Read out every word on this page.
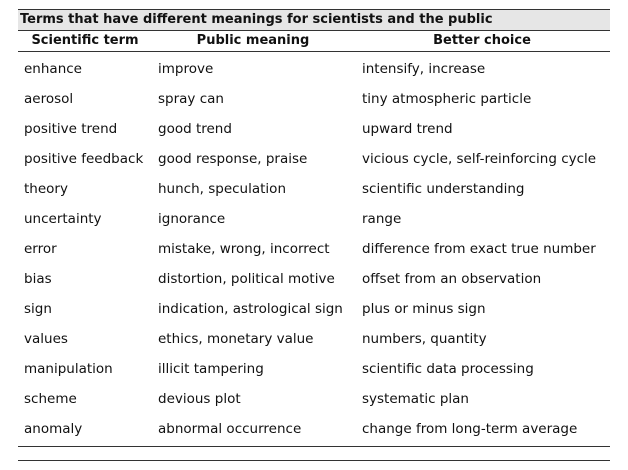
Terms that have different meanings for scientists and the public
Scientific term	Public meaning	Better choice
enhance	improve	intensify, increase
aerosol	spray can	tiny atmospheric particle
positive trend	good trend	upward trend
positive feedback	good response, praise	vicious cycle, self-reinforcing cycle
theory	hunch, speculation	scientific understanding
uncertainty	ignorance	range
error	mistake, wrong, incorrect	difference from exact true number
bias	distortion, political motive	offset from an observation
sign	indication, astrological sign	plus or minus sign
values	ethics, monetary value	numbers, quantity
manipulation	illicit tampering	scientific data processing
scheme	devious plot	systematic plan
anomaly	abnormal occurrence	change from long-term average
